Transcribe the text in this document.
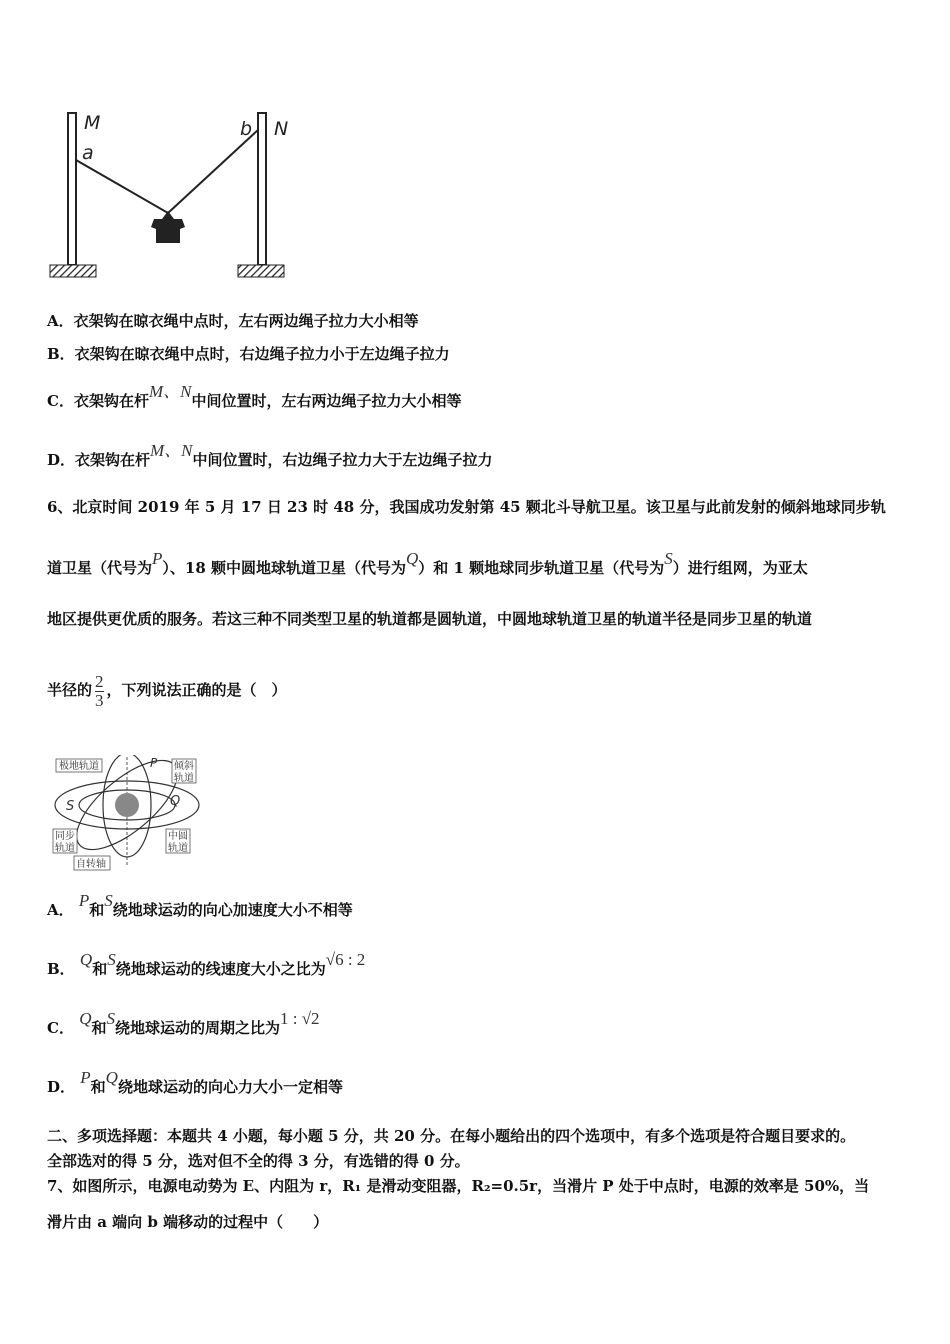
M
a
b N
A．衣架钩在晾衣绳中点时，左右两边绳子拉力大小相等
B．衣架钩在晾衣绳中点时，右边绳子拉力小于左边绳子拉力
C．衣架钩在杆M、N中间位置时，左右两边绳子拉力大小相等
D．衣架钩在杆M、N中间位置时，右边绳子拉力大于左边绳子拉力
6、北京时间 2019 年 5 月 17 日 23 时 48 分，我国成功发射第 45 颗北斗导航卫星。该卫星与此前发射的倾斜地球同步轨
道卫星（代号为P）、18 颗中圆地球轨道卫星（代号为Q）和 1 颗地球同步轨道卫星（代号为S）进行组网，为亚太
地区提供更优质的服务。若这三种不同类型卫星的轨道都是圆轨道，中圆地球轨道卫星的轨道半径是同步卫星的轨道
半径的 $\frac{2}{3}$ ，下列说法正确的是（　）
极地轨道	P 倾斜
轨道
S	Q
同步
轨道
中圆
轨道
自转轴
A． P和S绕地球运动的向心加速度大小不相等
B． Q和S绕地球运动的线速度大小之比为√6 : 2
C． Q和S绕地球运动的周期之比为1 : √2
D． P和Q绕地球运动的向心力大小一定相等
二、多项选择题：本题共 4 小题，每小题 5 分，共 20 分。在每小题给出的四个选项中，有多个选项是符合题目要求的。
全部选对的得 5 分，选对但不全的得 3 分，有选错的得 0 分。
7、如图所示，电源电动势为 E、内阻为 r，R₁ 是滑动变阻器，R₂=0.5r，当滑片 P 处于中点时，电源的效率是 50%，当
滑片由 a 端向 b 端移动的过程中（　　）
